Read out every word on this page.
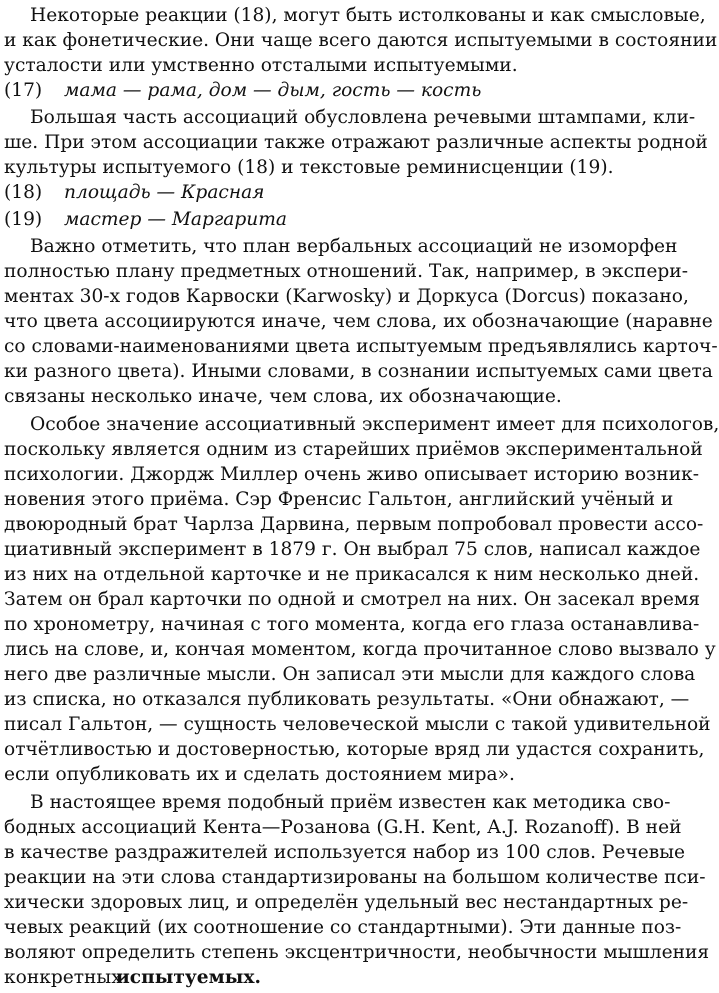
Некоторые реакции (18), могут быть истолкованы и как смысловые,
и как фонетические. Они чаще всего даются испытуемыми в состоянии
усталости или умственно отсталыми испытуемыми.
(17) мама — рама, дом — дым, гость — кость
Большая часть ассоциаций обусловлена речевыми штампами, кли-
ше. При этом ассоциации также отражают различные аспекты родной
культуры испытуемого (18) и текстовые реминисценции (19).
(18) площадь — Красная
(19) мастер — Маргарита
Важно отметить, что план вербальных ассоциаций не изоморфен
полностью плану предметных отношений. Так, например, в экспери-
ментах 30-х годов Карвоски (Karwosky) и Доркуса (Dorcus) показано,
что цвета ассоциируются иначе, чем слова, их обозначающие (наравне
со словами-наименованиями цвета испытуемым предъявлялись карточ-
ки разного цвета). Иными словами, в сознании испытуемых сами цвета
связаны несколько иначе, чем слова, их обозначающие.
Особое значение ассоциативный эксперимент имеет для психологов,
поскольку является одним из старейших приёмов экспериментальной
психологии. Джордж Миллер очень живо описывает историю возник-
новения этого приёма. Сэр Френсис Гальтон, английский учёный и
двоюродный брат Чарлза Дарвина, первым попробовал провести ассо-
циативный эксперимент в 1879 г. Он выбрал 75 слов, написал каждое
из них на отдельной карточке и не прикасался к ним несколько дней.
Затем он брал карточки по одной и смотрел на них. Он засекал время
по хронометру, начиная с того момента, когда его глаза останавлива-
лись на слове, и, кончая моментом, когда прочитанное слово вызвало у
него две различные мысли. Он записал эти мысли для каждого слова
из списка, но отказался публиковать результаты. «Они обнажают, —
писал Гальтон, — сущность человеческой мысли с такой удивительной
отчётливостью и достоверностью, которые вряд ли удастся сохранить,
если опубликовать их и сделать достоянием мира».
В настоящее время подобный приём известен как методика сво-
бодных ассоциаций Кента—Розанова (G.H. Kent, A.J. Rozanoff). В ней
в качестве раздражителей используется набор из 100 слов. Речевые
реакции на эти слова стандартизированы на большом количестве пси-
хически здоровых лиц, и определён удельный вес нестандартных ре-
чевых реакций (их соотношение со стандартными). Эти данные поз-
воляют определить степень эксцентричности, необычности мышления
конкретных
испытуемых.
